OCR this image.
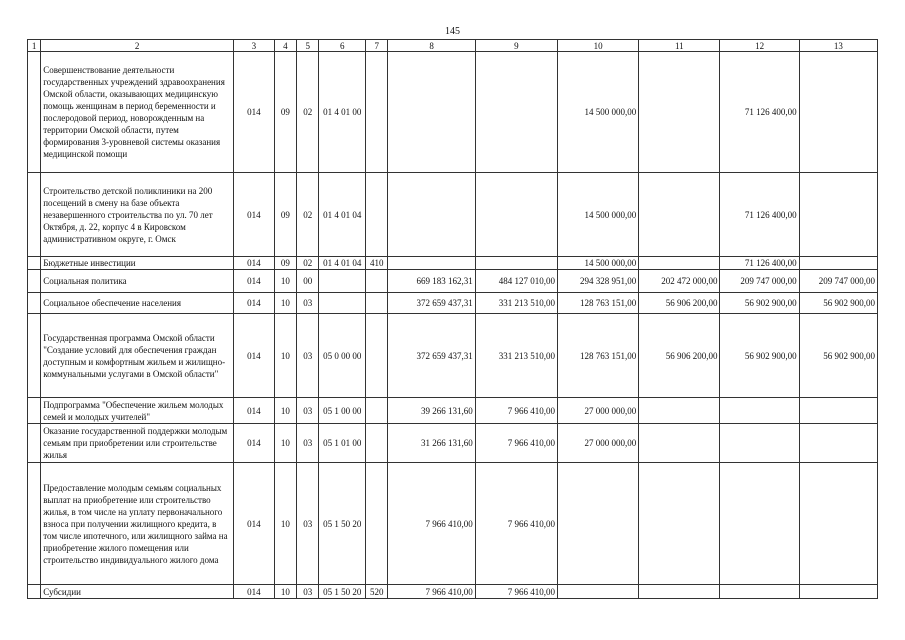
145
1	2	3	4	5	6	7	8	9	10	11	12	13
	Совершенствование деятельности государственных учреждений здравоохранения Омской области, оказывающих медицинскую помощь женщинам в период беременности и послеродовой период, новорожденным на территории Омской области, путем формирования 3-уровневой системы оказания медицинской помощи	014	09	02	01 4 01 00				14 500 000,00		71 126 400,00	
	Строительство детской поликлиники на 200 посещений в смену на базе объекта незавершенного строительства по ул. 70 лет Октября, д. 22, корпус 4 в Кировском административном округе, г. Омск	014	09	02	01 4 01 04				14 500 000,00		71 126 400,00	
	Бюджетные инвестиции	014	09	02	01 4 01 04	410			14 500 000,00		71 126 400,00	
	Социальная политика	014	10	00			669 183 162,31	484 127 010,00	294 328 951,00	202 472 000,00	209 747 000,00	209 747 000,00
	Социальное обеспечение населения	014	10	03			372 659 437,31	331 213 510,00	128 763 151,00	56 906 200,00	56 902 900,00	56 902 900,00
	Государственная программа Омской области "Создание условий для обеспечения граждан доступным и комфортным жильем и жилищно-коммунальными услугами в Омской области"	014	10	03	05 0 00 00		372 659 437,31	331 213 510,00	128 763 151,00	56 906 200,00	56 902 900,00	56 902 900,00
	Подпрограмма "Обеспечение жильем молодых семей и молодых учителей"	014	10	03	05 1 00 00		39 266 131,60	7 966 410,00	27 000 000,00			
	Оказание государственной поддержки молодым семьям при приобретении или строительстве жилья	014	10	03	05 1 01 00		31 266 131,60	7 966 410,00	27 000 000,00			
	Предоставление молодым семьям социальных выплат на приобретение или строительство жилья, в том числе на уплату первоначального взноса при получении жилищного кредита, в том числе ипотечного, или жилищного займа на приобретение жилого помещения или строительство индивидуального жилого дома	014	10	03	05 1 50 20		7 966 410,00	7 966 410,00				
	Субсидии	014	10	03	05 1 50 20	520	7 966 410,00	7 966 410,00				
